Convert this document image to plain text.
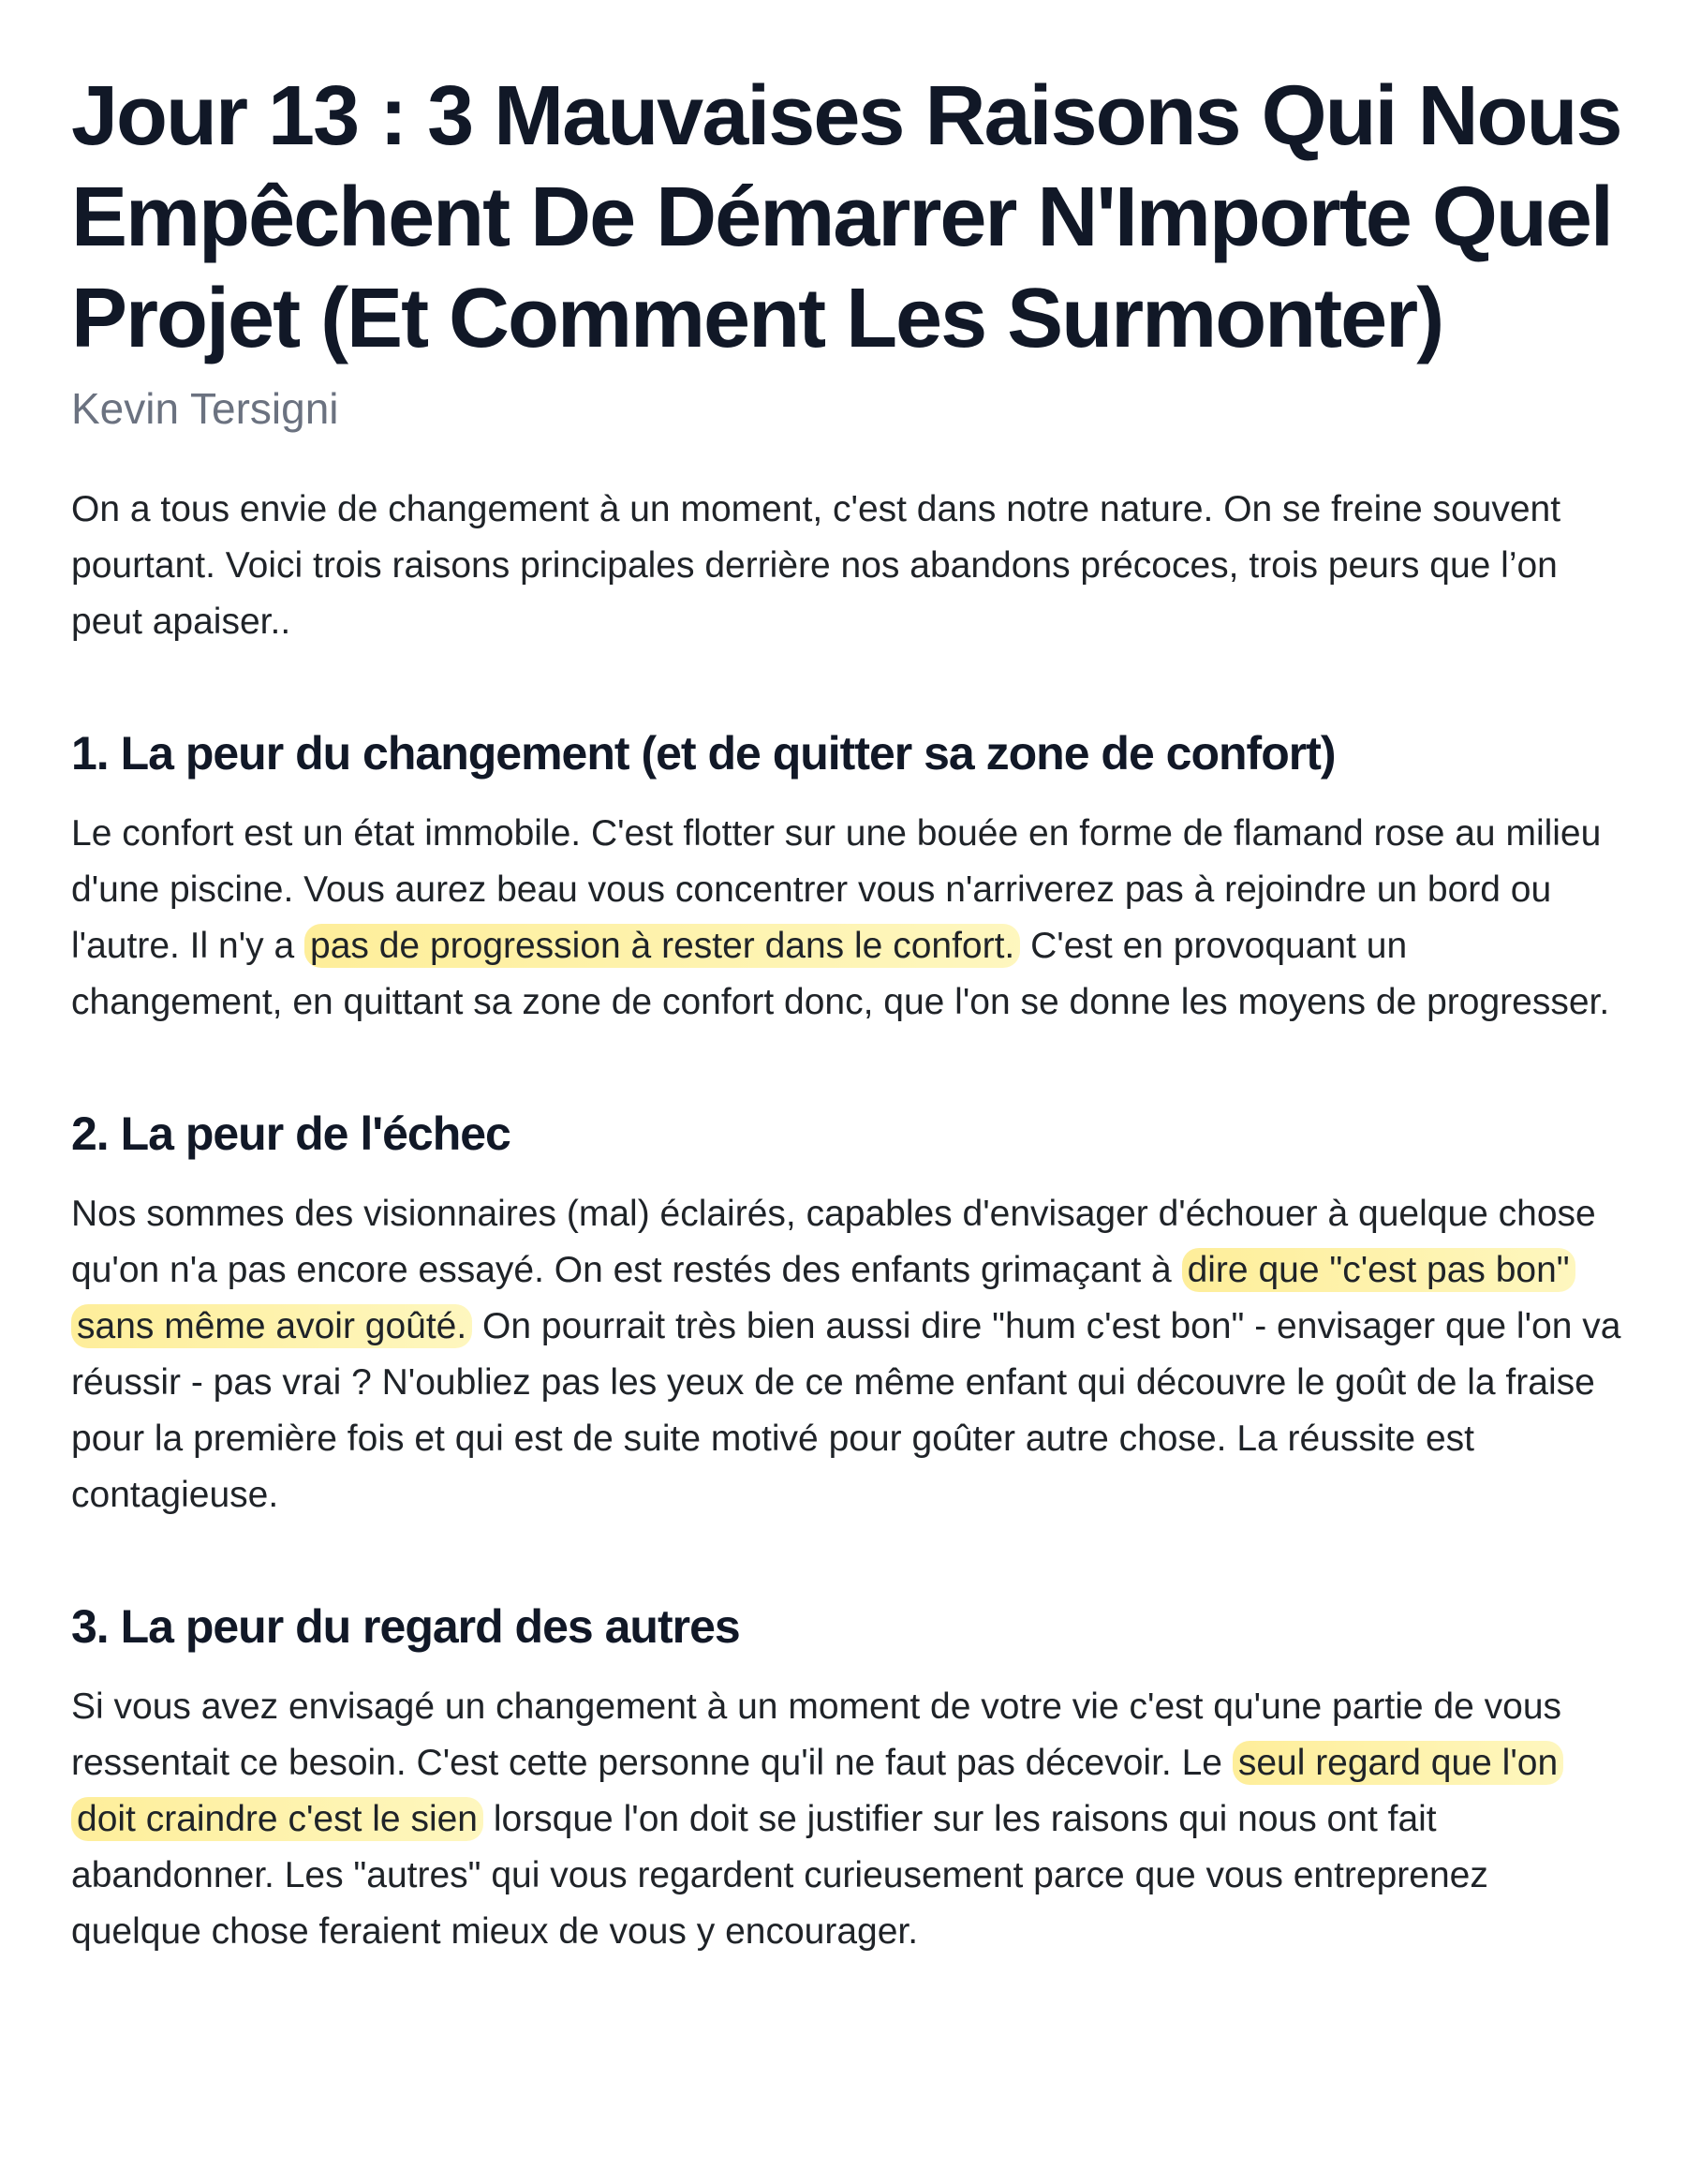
Jour 13 : 3 Mauvaises Raisons Qui Nous Empêchent De Démarrer N'Importe Quel Projet (Et Comment Les Surmonter)

Kevin Tersigni

On a tous envie de changement à un moment, c'est dans notre nature. On se freine souvent pourtant. Voici trois raisons principales derrière nos abandons précoces, trois peurs que l’on peut apaiser..

1. La peur du changement (et de quitter sa zone de confort)

Le confort est un état immobile. C'est flotter sur une bouée en forme de flamand rose au milieu d'une piscine. Vous aurez beau vous concentrer vous n'arriverez pas à rejoindre un bord ou l'autre. Il n'y a pas de progression à rester dans le confort. C'est en provoquant un changement, en quittant sa zone de confort donc, que l'on se donne les moyens de progresser.

2. La peur de l'échec

Nos sommes des visionnaires (mal) éclairés, capables d'envisager d'échouer à quelque chose qu'on n'a pas encore essayé. On est restés des enfants grimaçant à dire que "c'est pas bon" sans même avoir goûté. On pourrait très bien aussi dire "hum c'est bon" - envisager que l'on va réussir - pas vrai ? N'oubliez pas les yeux de ce même enfant qui découvre le goût de la fraise pour la première fois et qui est de suite motivé pour goûter autre chose. La réussite est contagieuse.

3. La peur du regard des autres

Si vous avez envisagé un changement à un moment de votre vie c'est qu'une partie de vous ressentait ce besoin. C'est cette personne qu'il ne faut pas décevoir. Le seul regard que l'on doit craindre c'est le sien lorsque l'on doit se justifier sur les raisons qui nous ont fait abandonner. Les "autres" qui vous regardent curieusement parce que vous entreprenez quelque chose feraient mieux de vous y encourager.
